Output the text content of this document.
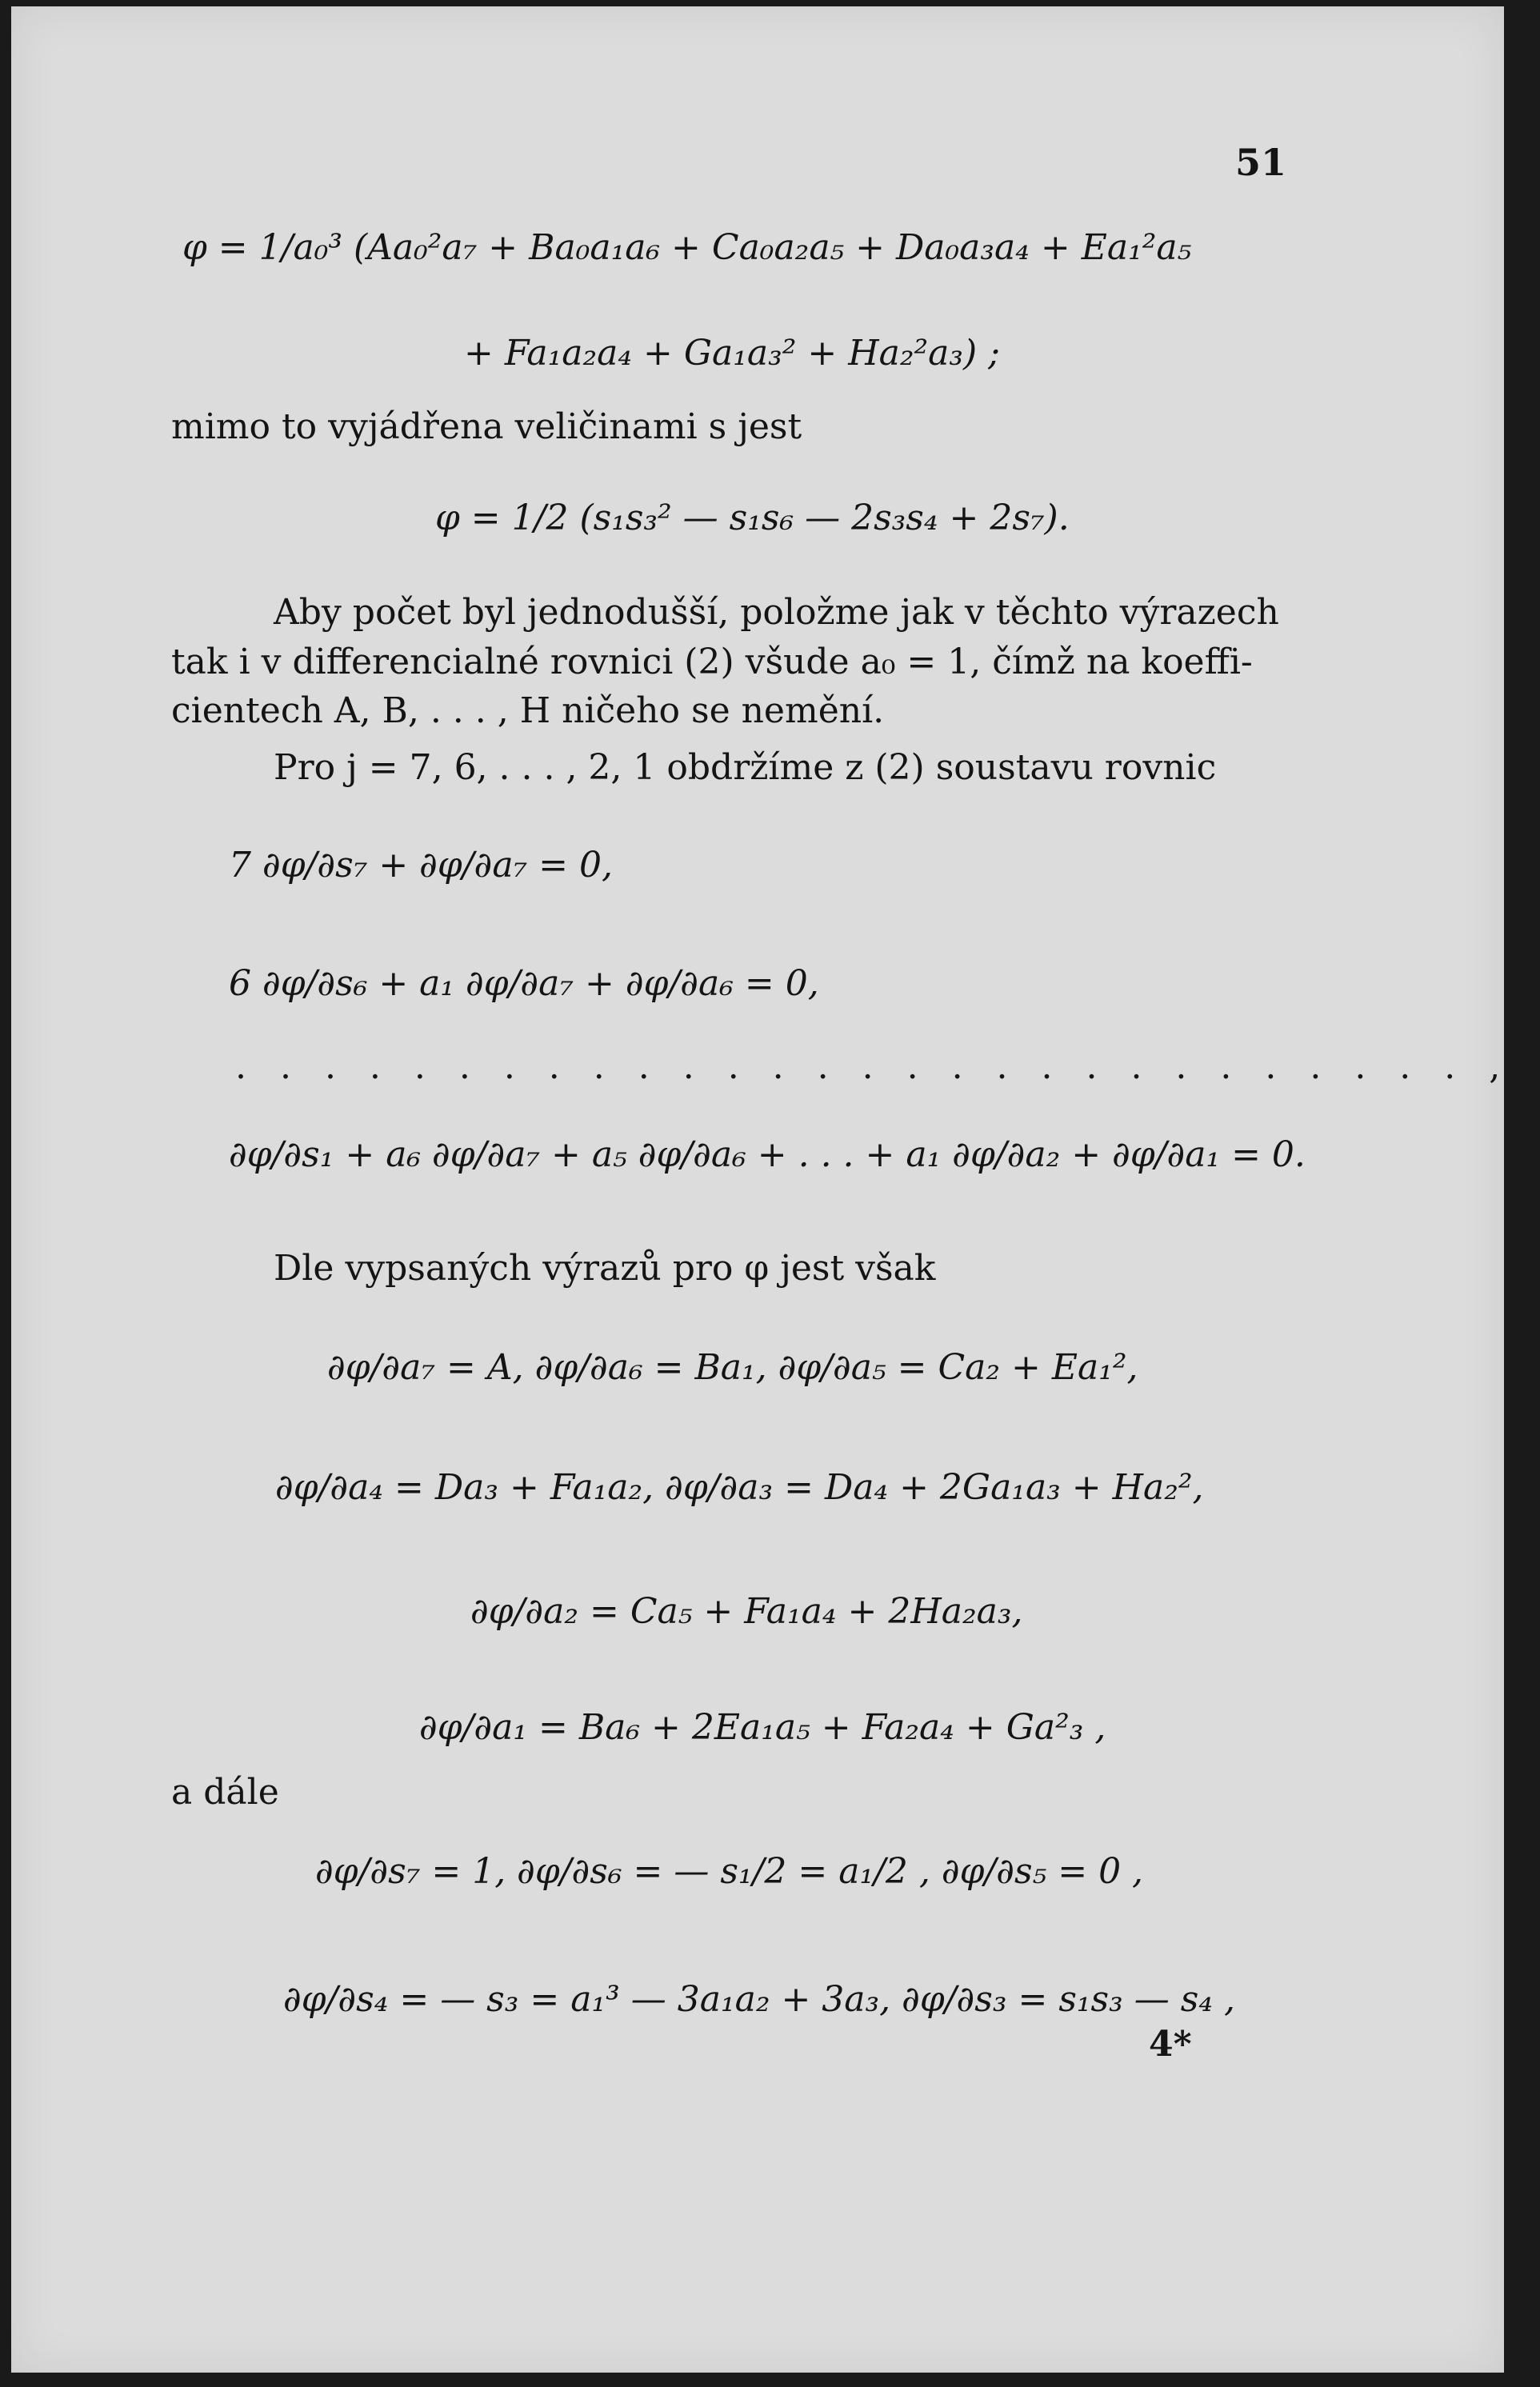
51
φ = 1/a₀³ (Aa₀²a₇ + Ba₀a₁a₆ + Ca₀a₂a₅ + Da₀a₃a₄ + Ea₁²a₅
+ Fa₁a₂a₄ + Ga₁a₃² + Ha₂²a₃) ;
mimo to vyjádřena veličinami s jest
φ = 1/2 (s₁s₃² — s₁s₆ — 2s₃s₄ + 2s₇).
Aby počet byl jednodušší, položme jak v těchto výrazech
tak i v differencialné rovnici (2) všude a₀ = 1, čímž na koeffi-
cientech A, B, . . . , H ničeho se nemění.
Pro j = 7, 6, . . . , 2, 1 obdržíme z (2) soustavu rovnic
7 ∂φ/∂s₇ + ∂φ/∂a₇ = 0,
6 ∂φ/∂s₆ + a₁ ∂φ/∂a₇ + ∂φ/∂a₆ = 0,
. . . . . . . . . . . . . . . . . . . . . . . . . . . . ,
∂φ/∂s₁ + a₆ ∂φ/∂a₇ + a₅ ∂φ/∂a₆ + . . . + a₁ ∂φ/∂a₂ + ∂φ/∂a₁ = 0.
Dle vypsaných výrazů pro φ jest však
∂φ/∂a₇ = A, ∂φ/∂a₆ = Ba₁, ∂φ/∂a₅ = Ca₂ + Ea₁²,
∂φ/∂a₄ = Da₃ + Fa₁a₂, ∂φ/∂a₃ = Da₄ + 2Ga₁a₃ + Ha₂²,
∂φ/∂a₂ = Ca₅ + Fa₁a₄ + 2Ha₂a₃,
∂φ/∂a₁ = Ba₆ + 2Ea₁a₅ + Fa₂a₄ + Ga²₃ ,
a dále
∂φ/∂s₇ = 1, ∂φ/∂s₆ = — s₁/2 = a₁/2 , ∂φ/∂s₅ = 0 ,
∂φ/∂s₄ = — s₃ = a₁³ — 3a₁a₂ + 3a₃, ∂φ/∂s₃ = s₁s₃ — s₄ ,
4*
